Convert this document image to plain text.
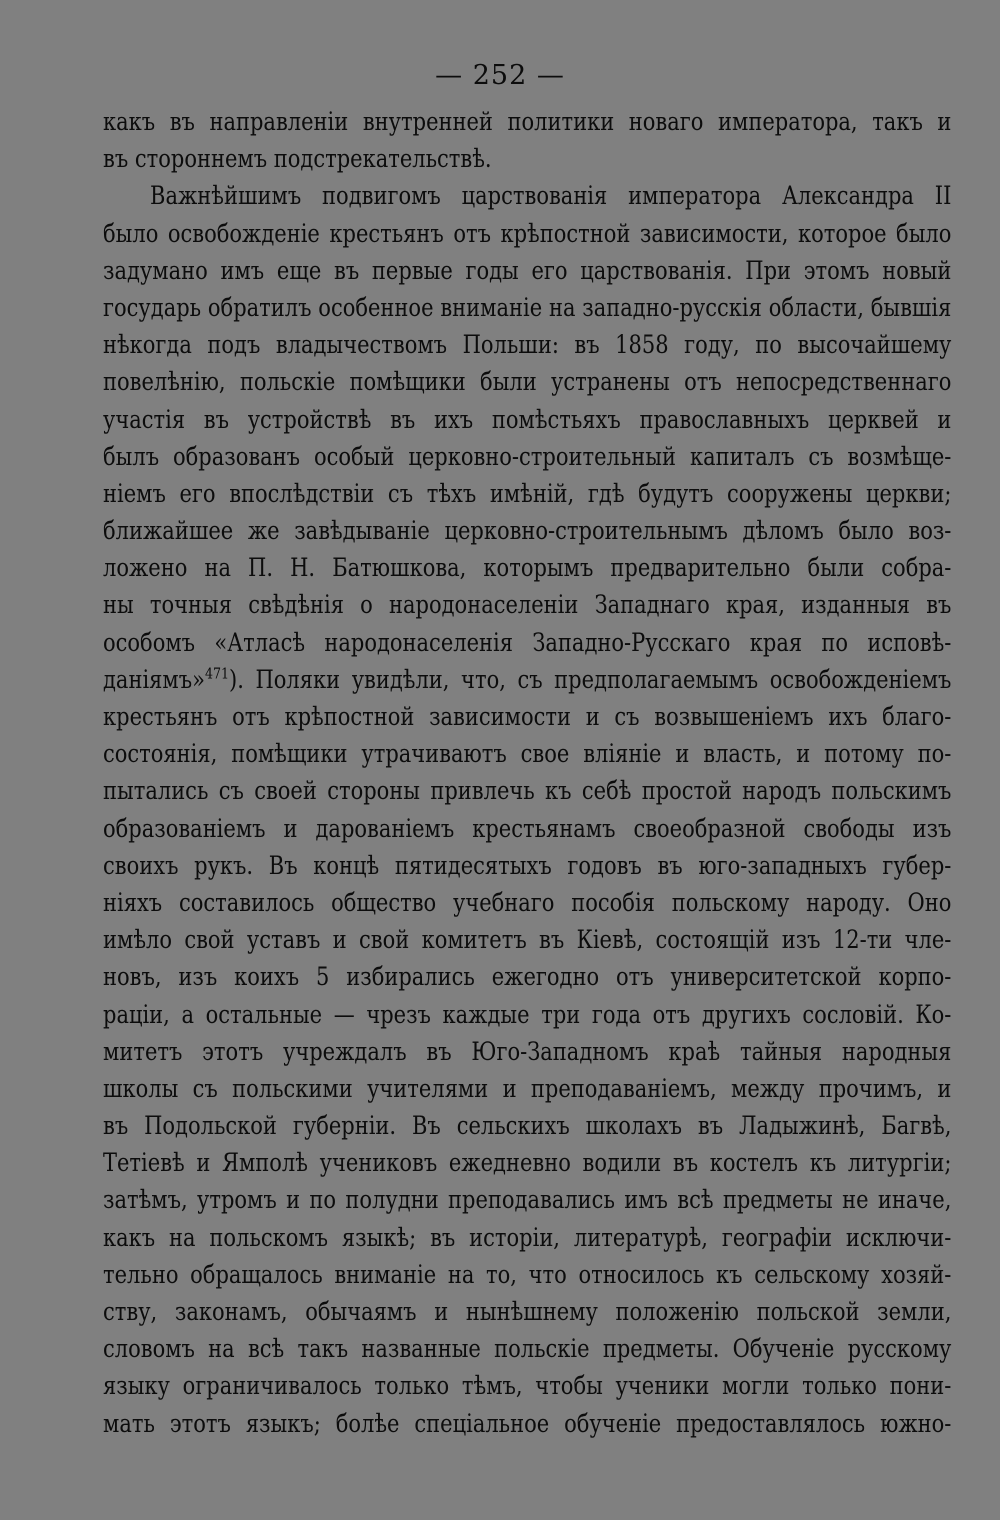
— 252 —
какъ въ направленіи внутренней политики новаго императора, такъ и
въ стороннемъ подстрекательствѣ.
Важнѣйшимъ подвигомъ царствованія императора Александра II
было освобожденіе крестьянъ отъ крѣпостной зависимости, которое было
задумано имъ еще въ первые годы его царствованія. При этомъ новый
государь обратилъ особенное вниманіе на западно-русскія области, бывшія
нѣкогда подъ владычествомъ Польши: въ 1858 году, по высочайшему
повелѣнію, польскіе помѣщики были устранены отъ непосредственнаго
участія въ устройствѣ въ ихъ помѣстьяхъ православныхъ церквей и
былъ образованъ особый церковно-строительный капиталъ съ возмѣще-
ніемъ его впослѣдствіи съ тѣхъ имѣній, гдѣ будутъ сооружены церкви;
ближайшее же завѣдываніе церковно-строительнымъ дѣломъ было воз-
ложено на П. Н. Батюшкова, которымъ предварительно были собра-
ны точныя свѣдѣнія о народонаселеніи Западнаго края, изданныя въ
особомъ «Атласѣ народонаселенія Западно-Русскаго края по исповѣ-
даніямъ»$^{471}$). Поляки увидѣли, что, съ предполагаемымъ освобожденіемъ
крестьянъ отъ крѣпостной зависимости и съ возвышеніемъ ихъ благо-
состоянія, помѣщики утрачиваютъ свое вліяніе и власть, и потому по-
пытались съ своей стороны привлечь къ себѣ простой народъ польскимъ
образованіемъ и дарованіемъ крестьянамъ своеобразной свободы изъ
своихъ рукъ. Въ концѣ пятидесятыхъ годовъ въ юго-западныхъ губер-
ніяхъ составилось общество учебнаго пособія польскому народу. Оно
имѣло свой уставъ и свой комитетъ въ Кіевѣ, состоящій изъ 12-ти чле-
новъ, изъ коихъ 5 избирались ежегодно отъ университетской корпо-
раціи, а остальные — чрезъ каждые три года отъ другихъ сословій. Ко-
митетъ этотъ учреждалъ въ Юго-Западномъ краѣ тайныя народныя
школы съ польскими учителями и преподаваніемъ, между прочимъ, и
въ Подольской губерніи. Въ сельскихъ школахъ въ Ладыжинѣ, Багвѣ,
Тетіевѣ и Ямполѣ учениковъ ежедневно водили въ костелъ къ литургіи;
затѣмъ, утромъ и по полудни преподавались имъ всѣ предметы не иначе,
какъ на польскомъ языкѣ; въ исторіи, литературѣ, географіи исключи-
тельно обращалось вниманіе на то, что относилось къ сельскому хозяй-
ству, законамъ, обычаямъ и нынѣшнему положенію польской земли,
словомъ на всѣ такъ названные польскіе предметы. Обученіе русскому
языку ограничивалось только тѣмъ, чтобы ученики могли только пони-
мать этотъ языкъ; болѣе спеціальное обученіе предоставлялось южно-
